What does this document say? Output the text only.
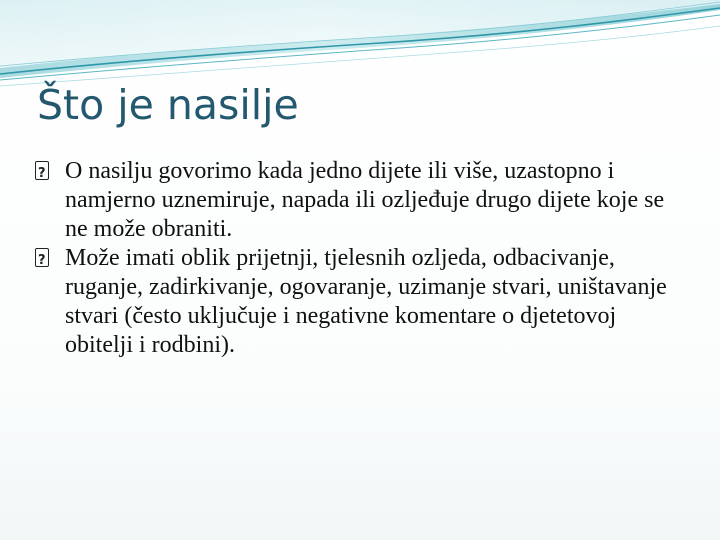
Što je nasilje
?
O nasilju govorimo kada jedno dijete ili više, uzastopno i namjerno uznemiruje, napada ili ozljeđuje drugo dijete koje se ne može obraniti.
?
Može imati oblik prijetnji, tjelesnih ozljeda, odbacivanje, ruganje, zadirkivanje, ogovaranje, uzimanje stvari, uništavanje stvari (često uključuje i negativne komentare o djetetovoj obitelji i rodbini).
